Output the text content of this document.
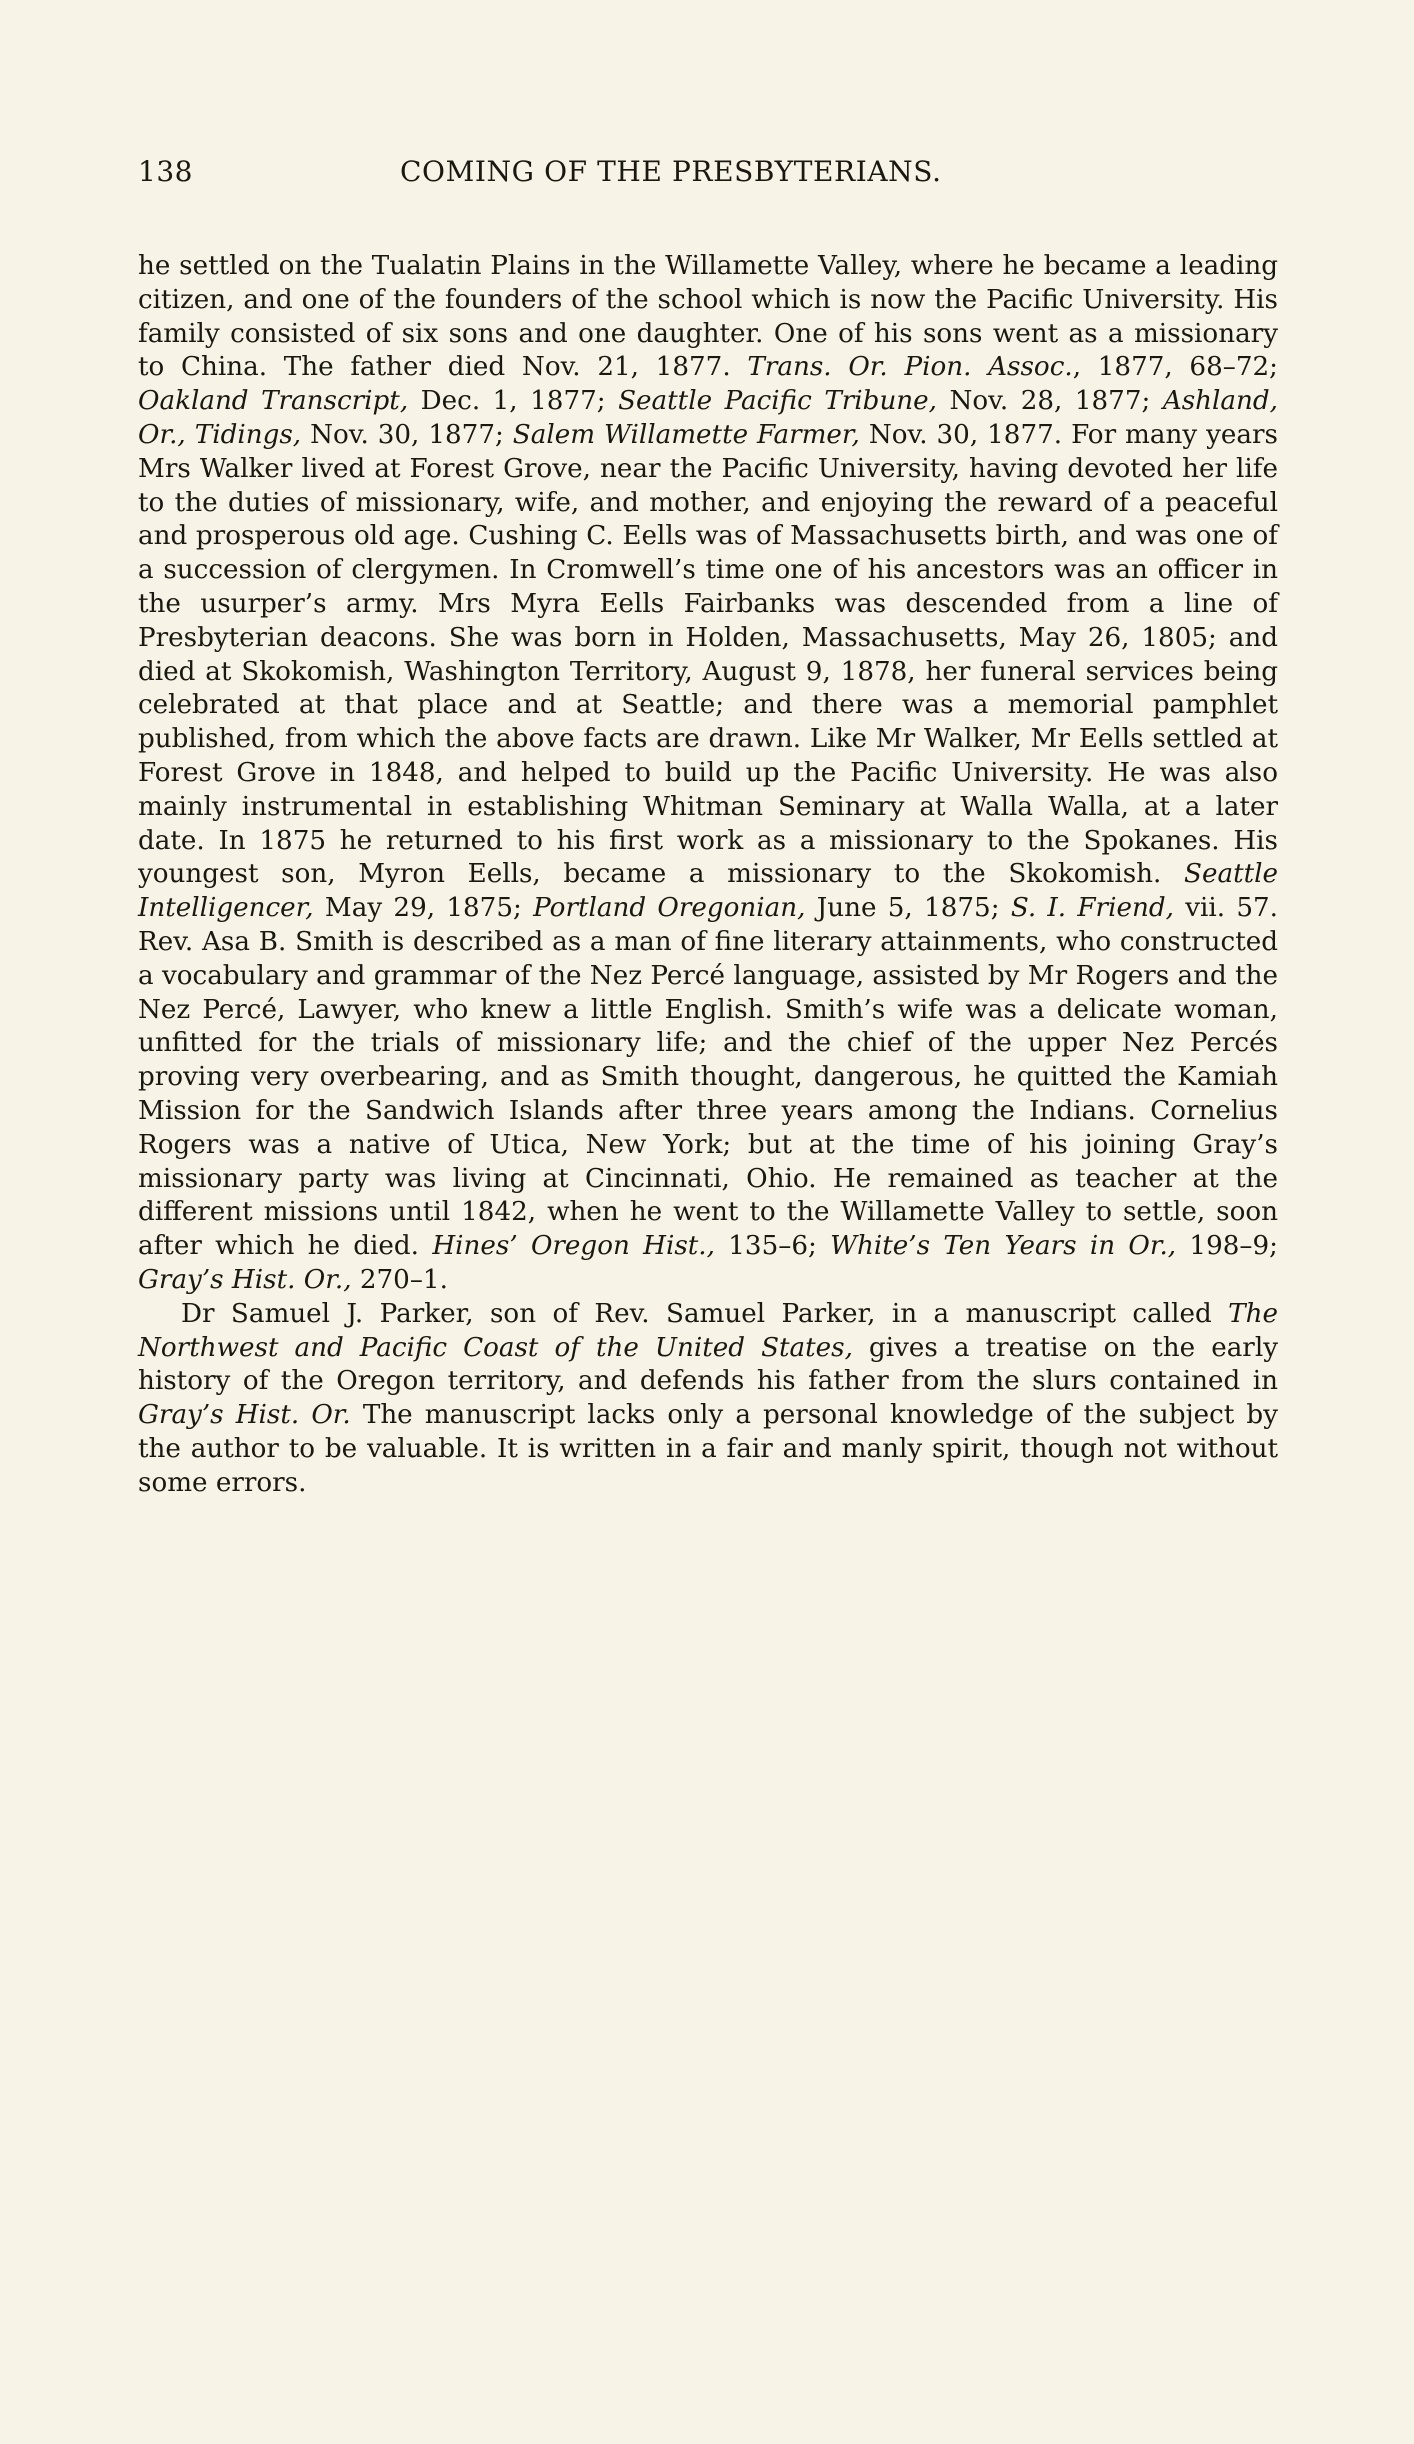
138	COMING OF THE PRESBYTERIANS.

he settled on the Tualatin Plains in the Willamette Valley, where he became a leading citizen, and one of the founders of the school which is now the Pacific University. His family consisted of six sons and one daughter. One of his sons went as a missionary to China. The father died Nov. 21, 1877. Trans. Or. Pion. Assoc., 1877, 68–72; Oakland Transcript, Dec. 1, 1877; Seattle Pacific Tribune, Nov. 28, 1877; Ashland, Or., Tidings, Nov. 30, 1877; Salem Willamette Farmer, Nov. 30, 1877. For many years Mrs Walker lived at Forest Grove, near the Pacific University, having devoted her life to the duties of missionary, wife, and mother, and enjoying the reward of a peaceful and prosperous old age. Cushing C. Eells was of Massachusetts birth, and was one of a succession of clergymen. In Cromwell’s time one of his ancestors was an officer in the usurper’s army. Mrs Myra Eells Fairbanks was descended from a line of Presbyterian deacons. She was born in Holden, Massachusetts, May 26, 1805; and died at Skokomish, Washington Territory, August 9, 1878, her funeral services being celebrated at that place and at Seattle; and there was a memorial pamphlet published, from which the above facts are drawn. Like Mr Walker, Mr Eells settled at Forest Grove in 1848, and helped to build up the Pacific University. He was also mainly instrumental in establishing Whitman Seminary at Walla Walla, at a later date. In 1875 he returned to his first work as a missionary to the Spokanes. His youngest son, Myron Eells, became a missionary to the Skokomish. Seattle Intelligencer, May 29, 1875; Portland Oregonian, June 5, 1875; S. I. Friend, vii. 57. Rev. Asa B. Smith is described as a man of fine literary attainments, who constructed a vocabulary and grammar of the Nez Percé language, assisted by Mr Rogers and the Nez Percé, Lawyer, who knew a little English. Smith’s wife was a delicate woman, unfitted for the trials of missionary life; and the chief of the upper Nez Percés proving very overbearing, and as Smith thought, dangerous, he quitted the Kamiah Mission for the Sandwich Islands after three years among the Indians. Cornelius Rogers was a native of Utica, New York; but at the time of his joining Gray’s missionary party was living at Cincinnati, Ohio. He remained as teacher at the different missions until 1842, when he went to the Willamette Valley to settle, soon after which he died. Hines’ Oregon Hist., 135–6; White’s Ten Years in Or., 198–9; Gray’s Hist. Or., 270–1.

Dr Samuel J. Parker, son of Rev. Samuel Parker, in a manuscript called The Northwest and Pacific Coast of the United States, gives a treatise on the early history of the Oregon territory, and defends his father from the slurs contained in Gray’s Hist. Or. The manuscript lacks only a personal knowledge of the subject by the author to be valuable. It is written in a fair and manly spirit, though not without some errors.
